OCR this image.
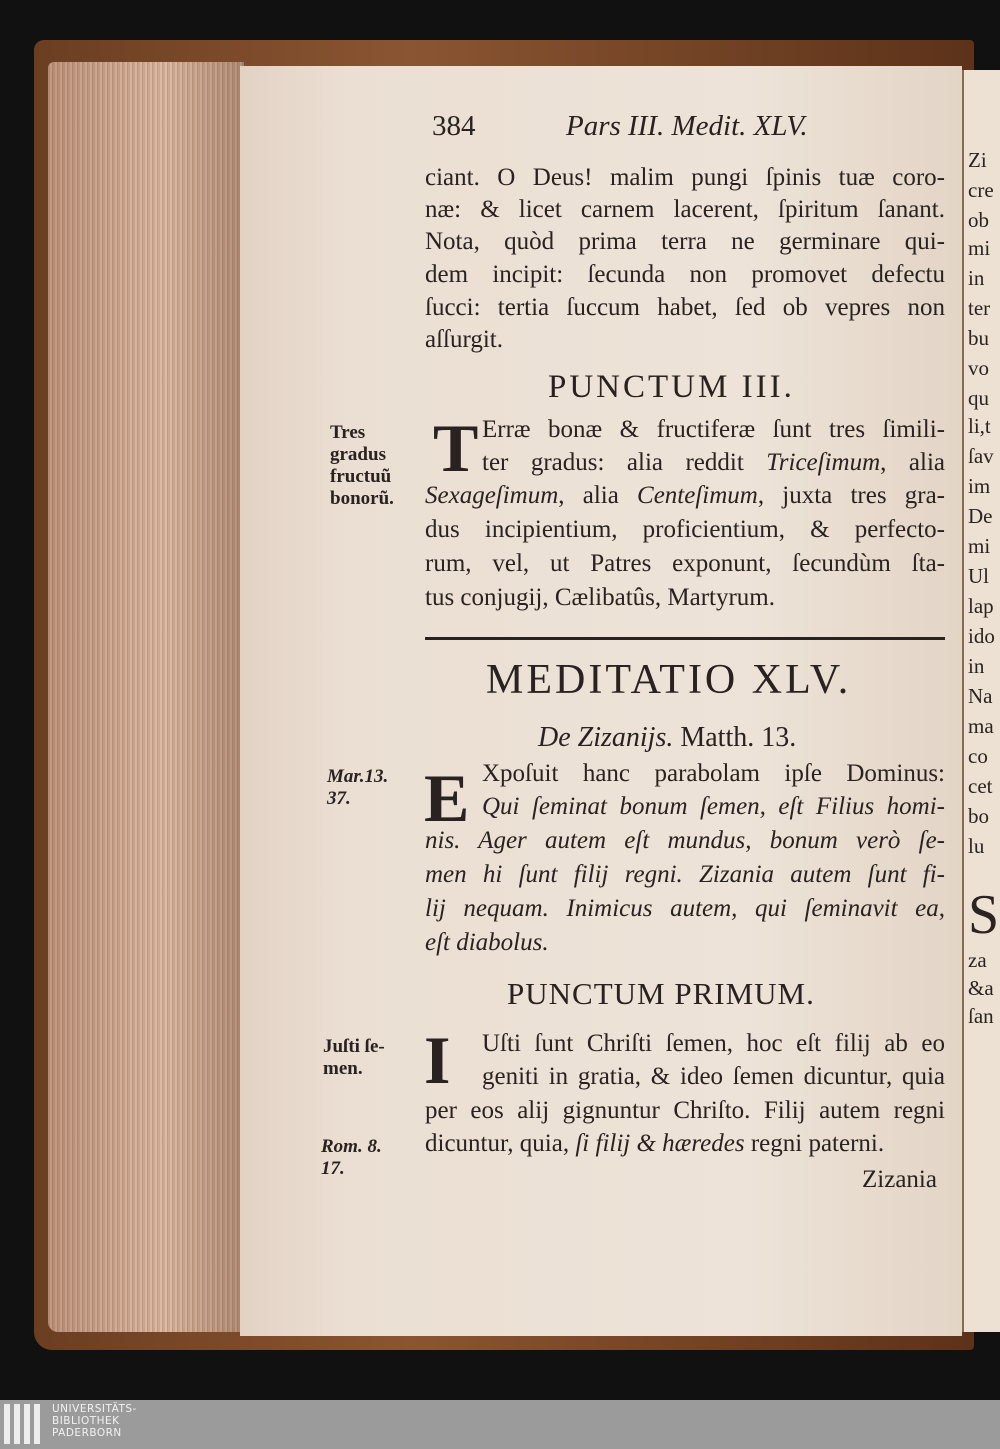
Zi
cre
ob
mi
in
ter
bu
vo
qu
li,t
ſav
im
De
mi
Ul
lap
ido
in
Na
ma
co
cet
bo
lu
S
za
&a
ſan
384	Pars III. Medit. XLV.
ciant. O Deus! malim pungi ſpinis tuæ coro-
næ: & licet carnem lacerent, ſpiritum ſanant.
Nota, quòd prima terra ne germinare qui-
dem incipit: ſecunda non promovet defectu
ſucci: tertia ſuccum habet, ſed ob vepres non
aſſurgit.
PUNCTUM III.
T
Tres
gradus
fructuũ
bonorũ.
Erræ bonæ & fructiferæ ſunt tres ſimili-
ter gradus: alia reddit Triceſimum, alia
Sexageſimum, alia Centeſimum, juxta tres gra-
dus incipientium, proficientium, & perfecto-
rum, vel, ut Patres exponunt, ſecundùm ſta-
tus conjugij, Cælibatûs, Martyrum.
MEDITATIO XLV.
De Zizanijs. Matth. 13.
Mar.13.
37.	E Xpoſuit hanc parabolam ipſe Dominus:
Qui ſeminat bonum ſemen, eſt Filius homi-
nis. Ager autem eſt mundus, bonum verò ſe-
men hi ſunt filij regni. Zizania autem ſunt fi-
lij nequam. Inimicus autem, qui ſeminavit ea,
eſt diabolus.
PUNCTUM PRIMUM.
Juſti ſe-
men.
Rom. 8.
17.
I Uſti ſunt Chriſti ſemen, hoc eſt filij ab eo
geniti in gratia, & ideo ſemen dicuntur, quia
per eos alij gignuntur Chriſto. Filij autem regni
dicuntur, quia, ſi filij & hæredes regni paterni.
Zizania
UNIVERSITÄTS-
BIBLIOTHEK
PADERBORN
